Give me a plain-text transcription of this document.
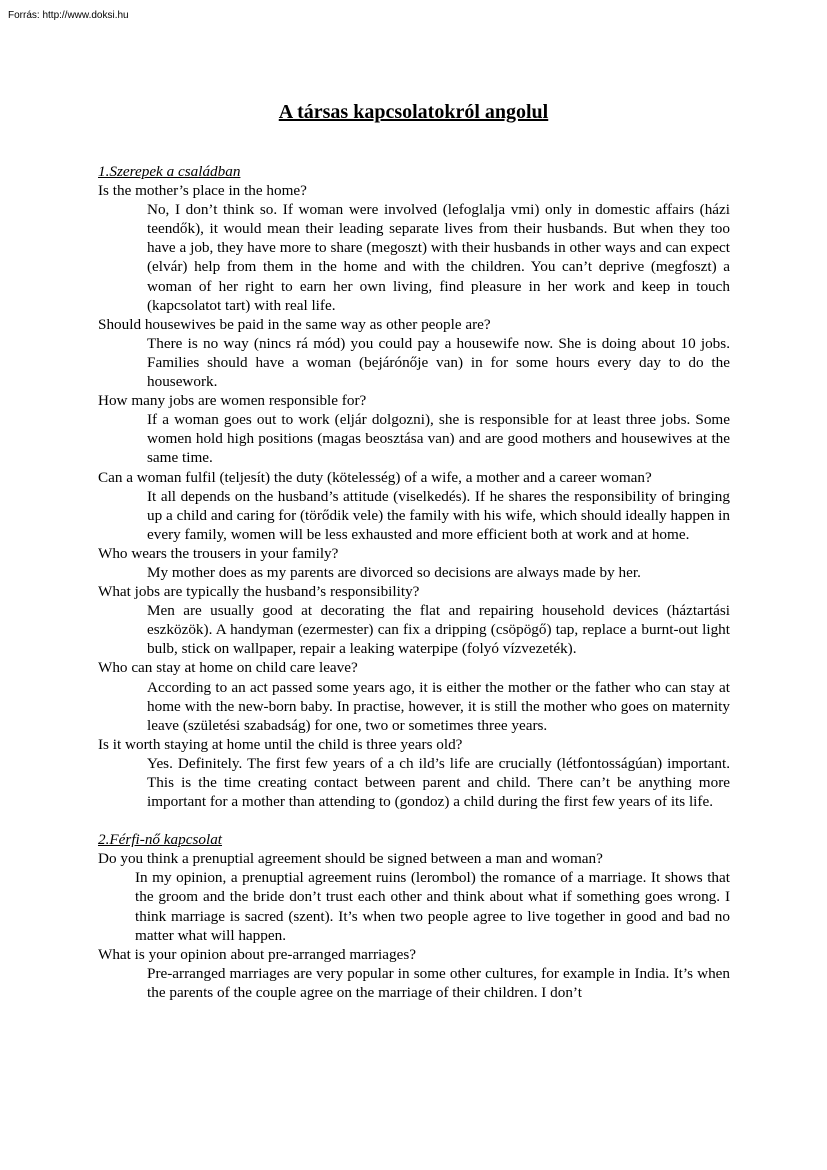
Forrás: http://www.doksi.hu
A társas kapcsolatokról angolul
1.Szerepek a családban
Is the mother’s place in the home?
No, I don’t think so. If woman were involved (lefoglalja vmi) only in domestic affairs (házi teendők), it would mean their leading separate lives from their husbands. But when they too have a job, they have more to share (megoszt) with their husbands in other ways and can expect (elvár) help from them in the home and with the children. You can’t deprive (megfoszt) a woman of her right to earn her own living, find pleasure in her work and keep in touch (kapcsolatot tart) with real life.
Should housewives be paid in the same way as other people are?
There is no way (nincs rá mód) you could pay a housewife now. She is doing about 10 jobs. Families should have a woman (bejárónője van) in for some hours every day to do the housework.
How many jobs are women responsible for?
If a woman goes out to work (eljár dolgozni), she is responsible for at least three jobs. Some women hold high positions (magas beosztása van) and are good mothers and housewives at the same time.
Can a woman fulfil (teljesít) the duty (kötelesség) of a wife, a mother and a career woman?
It all depends on the husband’s attitude (viselkedés). If he shares the responsibility of bringing up a child and caring for (törődik vele) the family with his wife, which should ideally happen in every family, women will be less exhausted and more efficient both at work and at home.
Who wears the trousers in your family?
My mother does as my parents are divorced so decisions are always made by her.
What jobs are typically the husband’s responsibility?
Men are usually good at decorating the flat and repairing household devices (háztartási eszközök). A handyman (ezermester) can fix a dripping (csöpögő) tap, replace a burnt-out light bulb, stick on wallpaper, repair a leaking waterpipe (folyó vízvezeték).
Who can stay at home on child care leave?
According to an act passed some years ago, it is either the mother or the father who can stay at home with the new-born baby. In practise, however, it is still the mother who goes on maternity leave (születési szabadság) for one, two or sometimes three years.
Is it worth staying at home until the child is three years old?
Yes. Definitely. The first few years of a ch ild’s life are crucially (létfontosságúan) important. This is the time creating contact between parent and child. There can’t be anything more important for a mother than attending to (gondoz) a child during the first few years of its life.
2.Férfi-nő kapcsolat
Do you think a prenuptial agreement should be signed between a man and woman?
In my opinion, a prenuptial agreement ruins (lerombol) the romance of a marriage. It shows that the groom and the bride don’t trust each other and think about what if something goes wrong. I think marriage is sacred (szent). It’s when two people agree to live together in good and bad no matter what will happen.
What is your opinion about pre-arranged marriages?
Pre-arranged marriages are very popular in some other cultures, for example in India. It’s when the parents of the couple agree on the marriage of their children. I don’t
